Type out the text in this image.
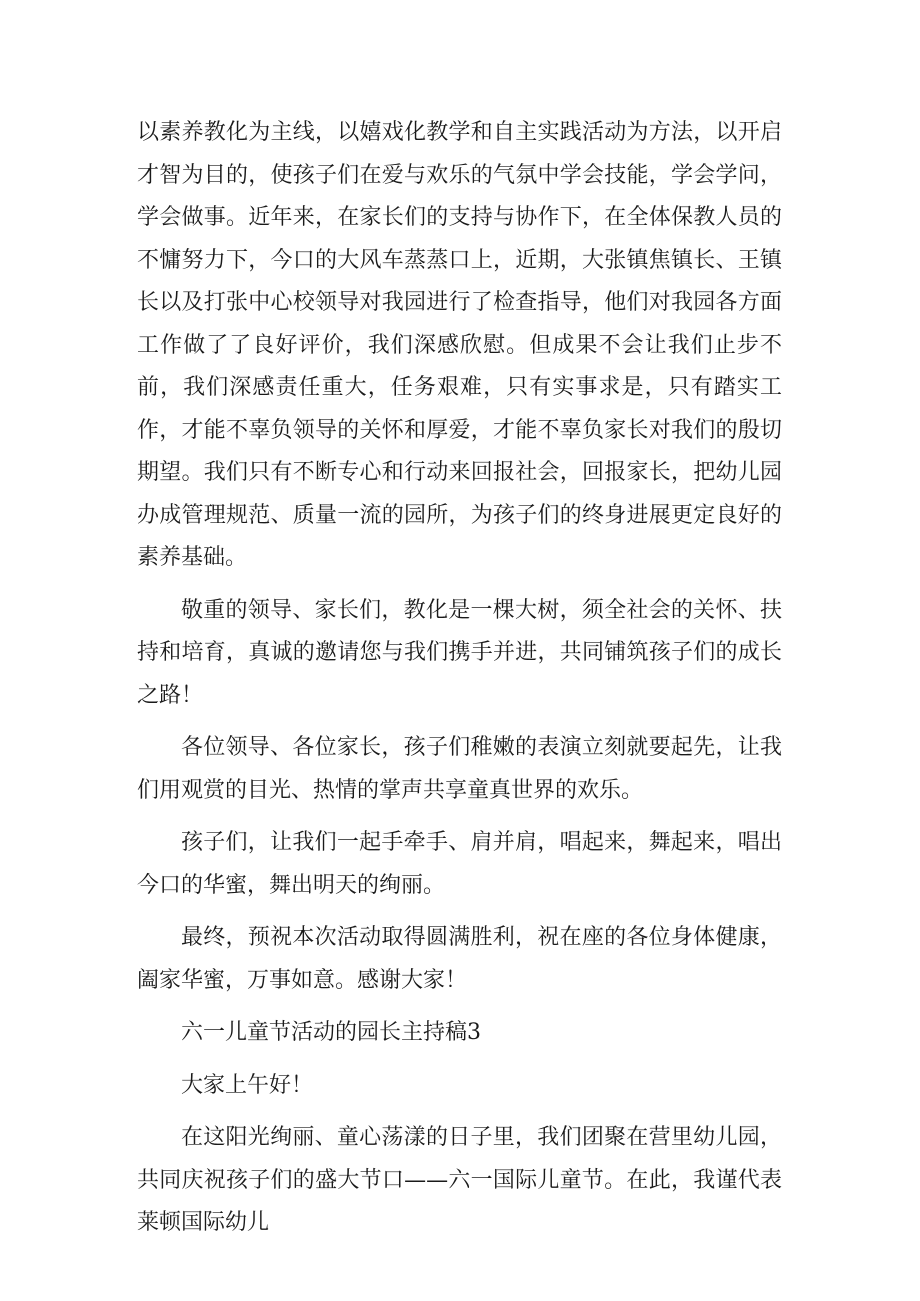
以素养教化为主线，以嬉戏化教学和自主实践活动为方法，以开启才智为目的，使孩子们在爱与欢乐的气氛中学会技能，学会学问，学会做事。近年来，在家长们的支持与协作下，在全体保教人员的不慵努力下，今口的大风车蒸蒸口上，近期，大张镇焦镇长、王镇长以及打张中心校领导对我园进行了检查指导，他们对我园各方面工作做了了良好评价，我们深感欣慰。但成果不会让我们止步不前，我们深感责任重大，任务艰难，只有实事求是，只有踏实工作，才能不辜负领导的关怀和厚爱，才能不辜负家长对我们的殷切期望。我们只有不断专心和行动来回报社会，回报家长，把幼儿园办成管理规范、质量一流的园所，为孩子们的终身进展更定良好的素养基础。

敬重的领导、家长们，教化是一棵大树，须全社会的关怀、扶持和培育，真诚的邀请您与我们携手并进，共同铺筑孩子们的成长之路！

各位领导、各位家长，孩子们稚嫩的表演立刻就要起先，让我们用观赏的目光、热情的掌声共享童真世界的欢乐。

孩子们，让我们一起手牵手、肩并肩，唱起来，舞起来，唱出今口的华蜜，舞出明天的绚丽。

最终，预祝本次活动取得圆满胜利，祝在座的各位身体健康，阖家华蜜，万事如意。感谢大家！

六一儿童节活动的园长主持稿3

大家上午好！

在这阳光绚丽、童心荡漾的日子里，我们团聚在营里幼儿园，共同庆祝孩子们的盛大节口——六一国际儿童节。在此，我谨代表莱顿国际幼儿
